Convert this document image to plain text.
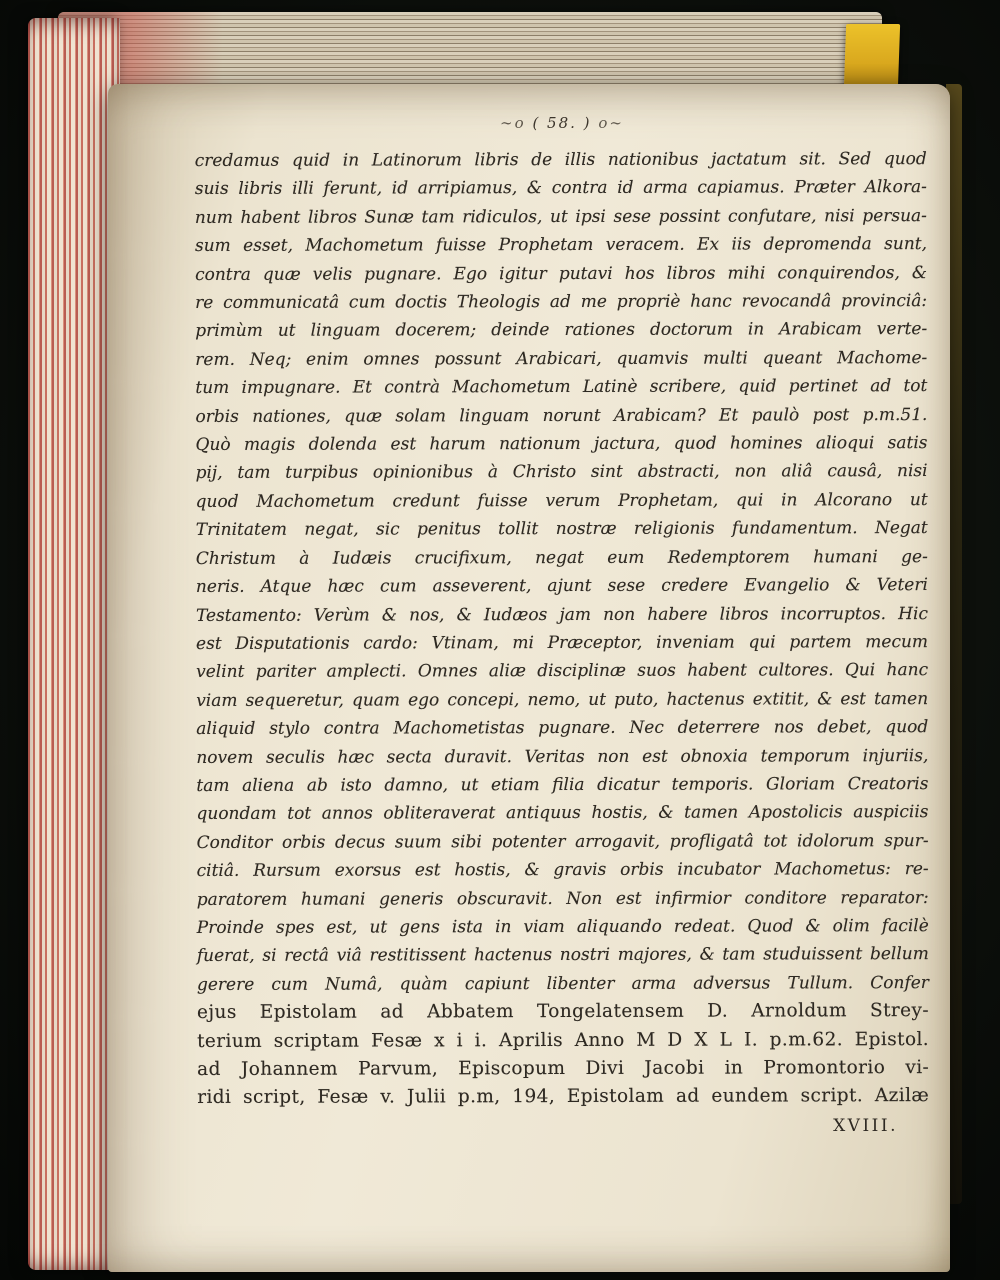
∼o ( 58. ) o∼
credamus quid in Latinorum libris de illis nationibus jactatum sit. Sed quod
suis libris illi ferunt, id arripiamus, & contra id arma capiamus. Præter Alkora-
num habent libros Sunæ tam ridiculos, ut ipsi sese possint confutare, nisi persua-
sum esset, Machometum fuisse Prophetam veracem. Ex iis depromenda sunt,
contra quæ velis pugnare. Ego igitur putavi hos libros mihi conquirendos, &
re communicatâ cum doctis Theologis ad me propriè hanc revocandâ provinciâ:
primùm ut linguam docerem; deinde rationes doctorum in Arabicam verte-
rem. Neq; enim omnes possunt Arabicari, quamvis multi queant Machome-
tum impugnare. Et contrà Machometum Latinè scribere, quid pertinet ad tot
orbis nationes, quæ solam linguam norunt Arabicam? Et paulò post p.m.51.
Quò magis dolenda est harum nationum jactura, quod homines alioqui satis
pij, tam turpibus opinionibus à Christo sint abstracti, non aliâ causâ, nisi
quod Machometum credunt fuisse verum Prophetam, qui in Alcorano ut
Trinitatem negat, sic penitus tollit nostræ religionis fundamentum. Negat
Christum à Iudæis crucifixum, negat eum Redemptorem humani ge-
neris. Atque hæc cum asseverent, ajunt sese credere Evangelio & Veteri
Testamento: Verùm & nos, & Iudæos jam non habere libros incorruptos. Hic
est Disputationis cardo: Vtinam, mi Præceptor, inveniam qui partem mecum
velint pariter amplecti. Omnes aliæ disciplinæ suos habent cultores. Qui hanc
viam sequeretur, quam ego concepi, nemo, ut puto, hactenus extitit, & est tamen
aliquid stylo contra Machometistas pugnare. Nec deterrere nos debet, quod
novem seculis hæc secta duravit. Veritas non est obnoxia temporum injuriis,
tam aliena ab isto damno, ut etiam filia dicatur temporis. Gloriam Creatoris
quondam tot annos obliteraverat antiquus hostis, & tamen Apostolicis auspiciis
Conditor orbis decus suum sibi potenter arrogavit, profligatâ tot idolorum spur-
citiâ. Rursum exorsus est hostis, & gravis orbis incubator Machometus: re-
paratorem humani generis obscuravit. Non est infirmior conditore reparator:
Proinde spes est, ut gens ista in viam aliquando redeat. Quod & olim facilè
fuerat, si rectâ viâ restitissent hactenus nostri majores, & tam studuissent bellum
gerere cum Numâ, quàm capiunt libenter arma adversus Tullum. Confer
ejus Epistolam ad Abbatem Tongelatensem D. Arnoldum Strey-
terium scriptam Fesæ x i i. Aprilis Anno M D X L I. p.m.62. Epistol.
ad Johannem Parvum, Episcopum Divi Jacobi in Promontorio vi-
ridi script, Fesæ v. Julii p.m, 194, Epistolam ad eundem script. Azilæ
XVIII.
